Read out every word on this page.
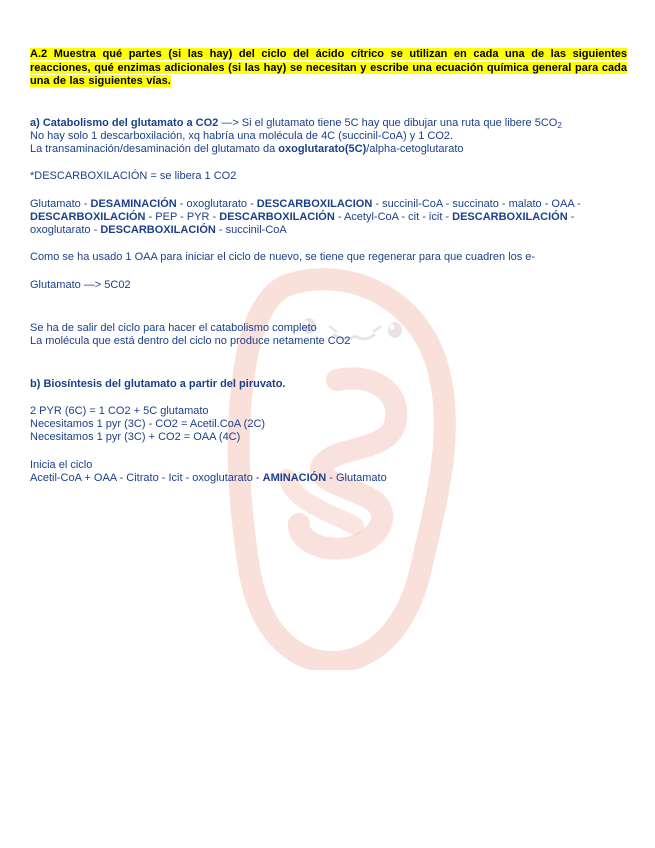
A.2 Muestra qué partes (si las hay) del ciclo del ácido cítrico se utilizan en cada una de las siguientes reacciones, qué enzimas adicionales (si las hay) se necesitan y escribe una ecuación química general para cada una de las siguientes vías.

a) Catabolismo del glutamato a CO2 —> Si el glutamato tiene 5C hay que dibujar una ruta que libere $5CO_2$
No hay solo 1 descarboxilación, xq habría una molécula de 4C (succinil-CoA) y 1 CO2.
La transaminación/desaminación del glutamato da oxoglutarato(5C)/alpha-cetoglutarato
*DESCARBOXILACIÓN = se libera 1 CO2
Glutamato - DESAMINACIÓN - oxoglutarato - DESCARBOXILACION - succinil-CoA - succinato - malato - OAA -DESCARBOXILACIÓN - PEP - PYR - DESCARBOXILACIÓN - Acetyl-CoA - cit - icit - DESCARBOXILACIÓN - oxoglutarato - DESCARBOXILACIÓN - succinil-CoA
Como se ha usado 1 OAA para iniciar el ciclo de nuevo, se tiene que regenerar para que cuadren los e-
Glutamato —> 5C02
Se ha de salir del ciclo para hacer el catabolismo completo
La molécula que está dentro del ciclo no produce netamente CO2
b) Biosíntesis del glutamato a partir del piruvato.
2 PYR (6C) = 1 CO2 + 5C glutamato
Necesitamos 1 pyr (3C) - CO2 = Acetil.CoA (2C)
Necesitamos 1 pyr (3C) + CO2 = OAA (4C)
Inicia el ciclo
Acetil-CoA + OAA - Citrato - Icit - oxoglutarato - AMINACIÓN - Glutamato
